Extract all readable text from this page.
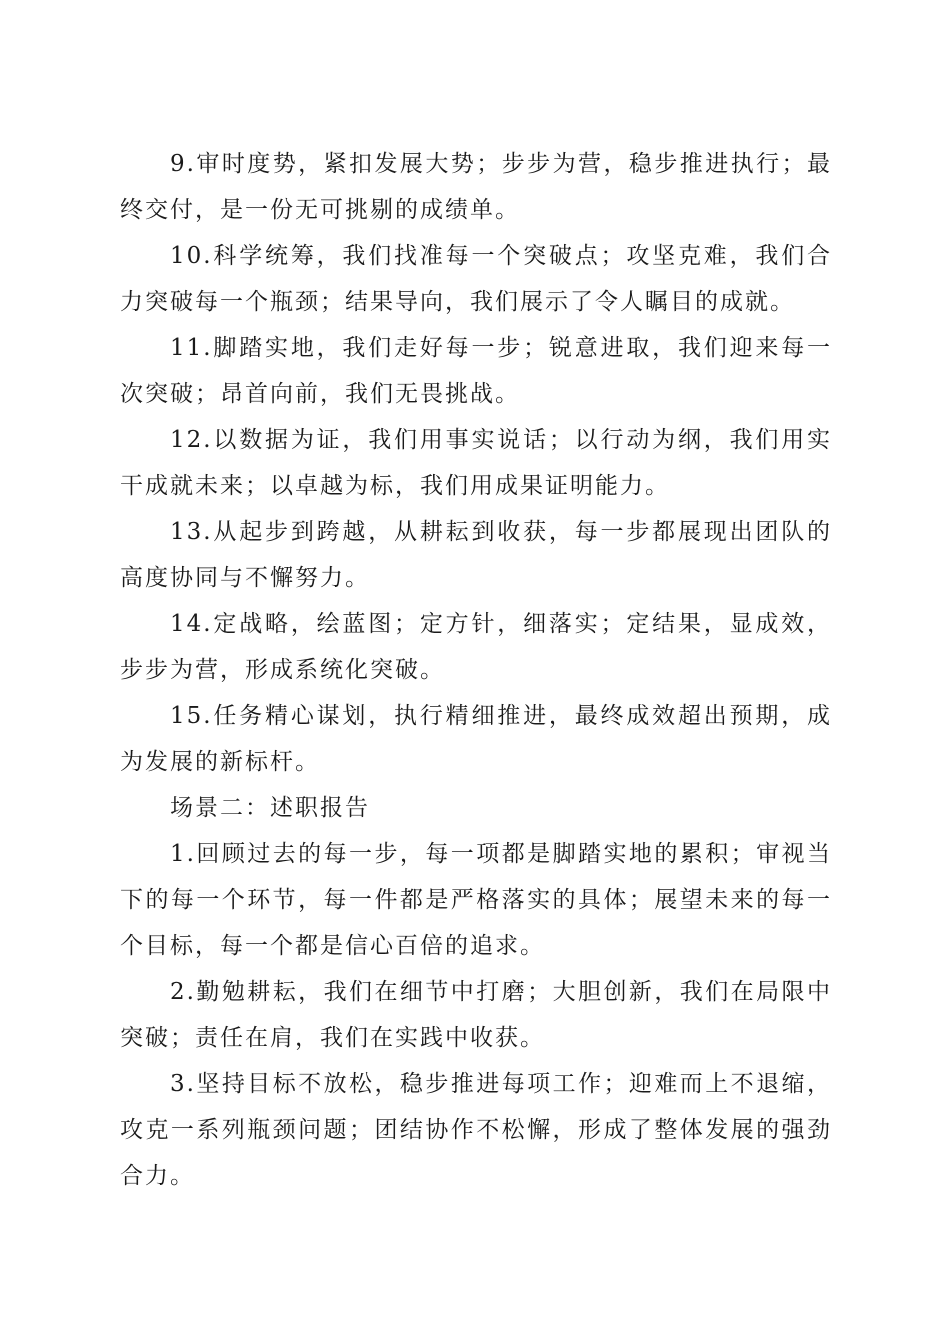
9.审时度势，紧扣发展大势；步步为营，稳步推进执行；最终交付，是一份无可挑剔的成绩单。

10.科学统筹，我们找准每一个突破点；攻坚克难，我们合力突破每一个瓶颈；结果导向，我们展示了令人瞩目的成就。

11.脚踏实地，我们走好每一步；锐意进取，我们迎来每一次突破；昂首向前，我们无畏挑战。

12.以数据为证，我们用事实说话；以行动为纲，我们用实干成就未来；以卓越为标，我们用成果证明能力。

13.从起步到跨越，从耕耘到收获，每一步都展现出团队的高度协同与不懈努力。

14.定战略，绘蓝图；定方针，细落实；定结果，显成效，步步为营，形成系统化突破。

15.任务精心谋划，执行精细推进，最终成效超出预期，成为发展的新标杆。

场景二：述职报告

1.回顾过去的每一步，每一项都是脚踏实地的累积；审视当下的每一个环节，每一件都是严格落实的具体；展望未来的每一个目标，每一个都是信心百倍的追求。

2.勤勉耕耘，我们在细节中打磨；大胆创新，我们在局限中突破；责任在肩，我们在实践中收获。

3.坚持目标不放松，稳步推进每项工作；迎难而上不退缩，攻克一系列瓶颈问题；团结协作不松懈，形成了整体发展的强劲合力。
